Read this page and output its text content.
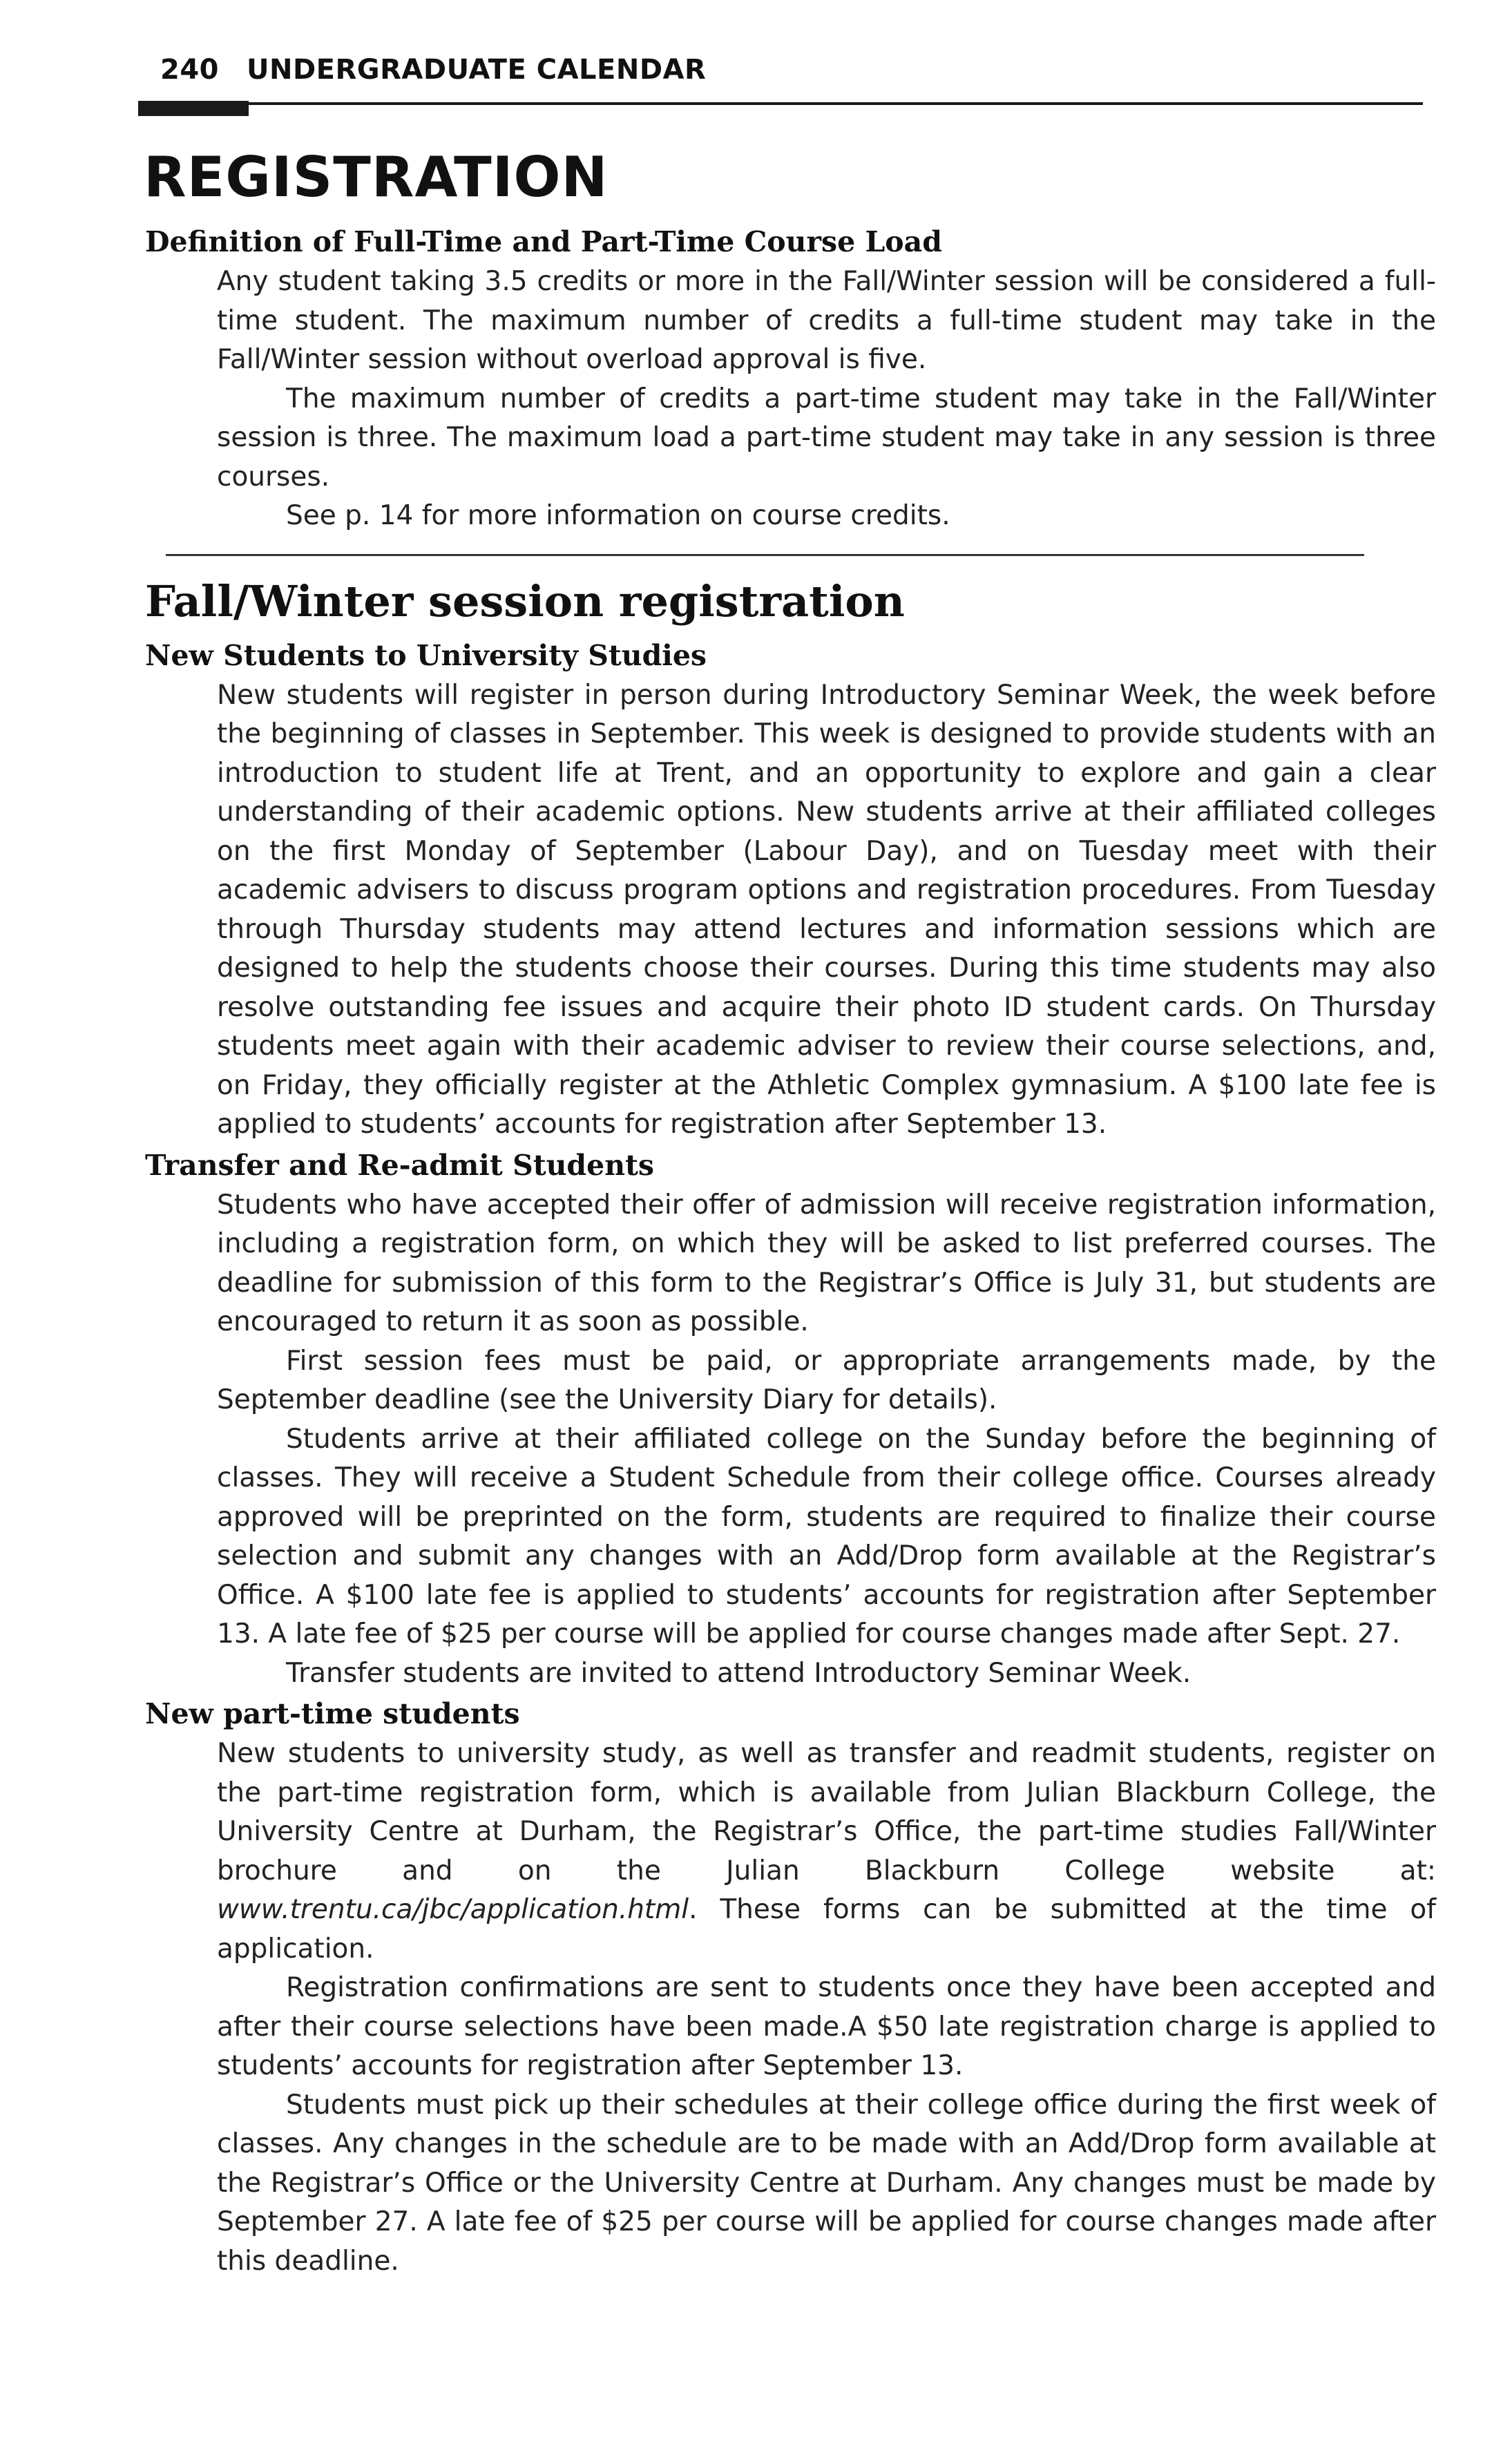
240 UNDERGRADUATE CALENDAR
REGISTRATION
Definition of Full-Time and Part-Time Course Load

Any student taking 3.5 credits or more in the Fall/Winter session will be considered a full-time student. The maximum number of credits a full-time student may take in the Fall/Winter session without overload approval is five.

The maximum number of credits a part-time student may take in the Fall/Winter session is three. The maximum load a part-time student may take in any session is three courses.

See p. 14 for more information on course credits.

Fall/Winter session registration
New Students to University Studies

New students will register in person during Introductory Seminar Week, the week before the beginning of classes in September. This week is designed to provide students with an introduction to student life at Trent, and an opportunity to explore and gain a clear understanding of their academic options. New students arrive at their affiliated colleges on the first Monday of September (Labour Day), and on Tuesday meet with their academic advisers to discuss program options and registration procedures. From Tuesday through Thursday students may attend lectures and information sessions which are designed to help the students choose their courses. During this time students may also resolve outstanding fee issues and acquire their photo ID student cards. On Thursday students meet again with their academic adviser to review their course selections, and, on Friday, they officially register at the Athletic Complex gymnasium. A $100 late fee is applied to students’ accounts for registration after September 13.

Transfer and Re-admit Students

Students who have accepted their offer of admission will receive registration information, including a registration form, on which they will be asked to list preferred courses. The deadline for submission of this form to the Registrar’s Office is July 31, but students are encouraged to return it as soon as possible.

First session fees must be paid, or appropriate arrangements made, by the September deadline (see the University Diary for details).

Students arrive at their affiliated college on the Sunday before the beginning of classes. They will receive a Student Schedule from their college office. Courses already approved will be preprinted on the form, students are required to finalize their course selection and submit any changes with an Add/Drop form available at the Registrar’s Office. A $100 late fee is applied to students’ accounts for registration after September 13. A late fee of $25 per course will be applied for course changes made after Sept. 27.

Transfer students are invited to attend Introductory Seminar Week.

New part-time students

New students to university study, as well as transfer and readmit students, register on the part-time registration form, which is available from Julian Blackburn College, the University Centre at Durham, the Registrar’s Office, the part-time studies Fall/Winter brochure and on the Julian Blackburn College website at: www.trentu.ca/jbc/application.html. These forms can be submitted at the time of application.

Registration confirmations are sent to students once they have been accepted and after their course selections have been made.A $50 late registration charge is applied to students’ accounts for registration after September 13.

Students must pick up their schedules at their college office during the first week of classes. Any changes in the schedule are to be made with an Add/Drop form available at the Registrar’s Office or the University Centre at Durham. Any changes must be made by September 27. A late fee of $25 per course will be applied for course changes made after this deadline.
